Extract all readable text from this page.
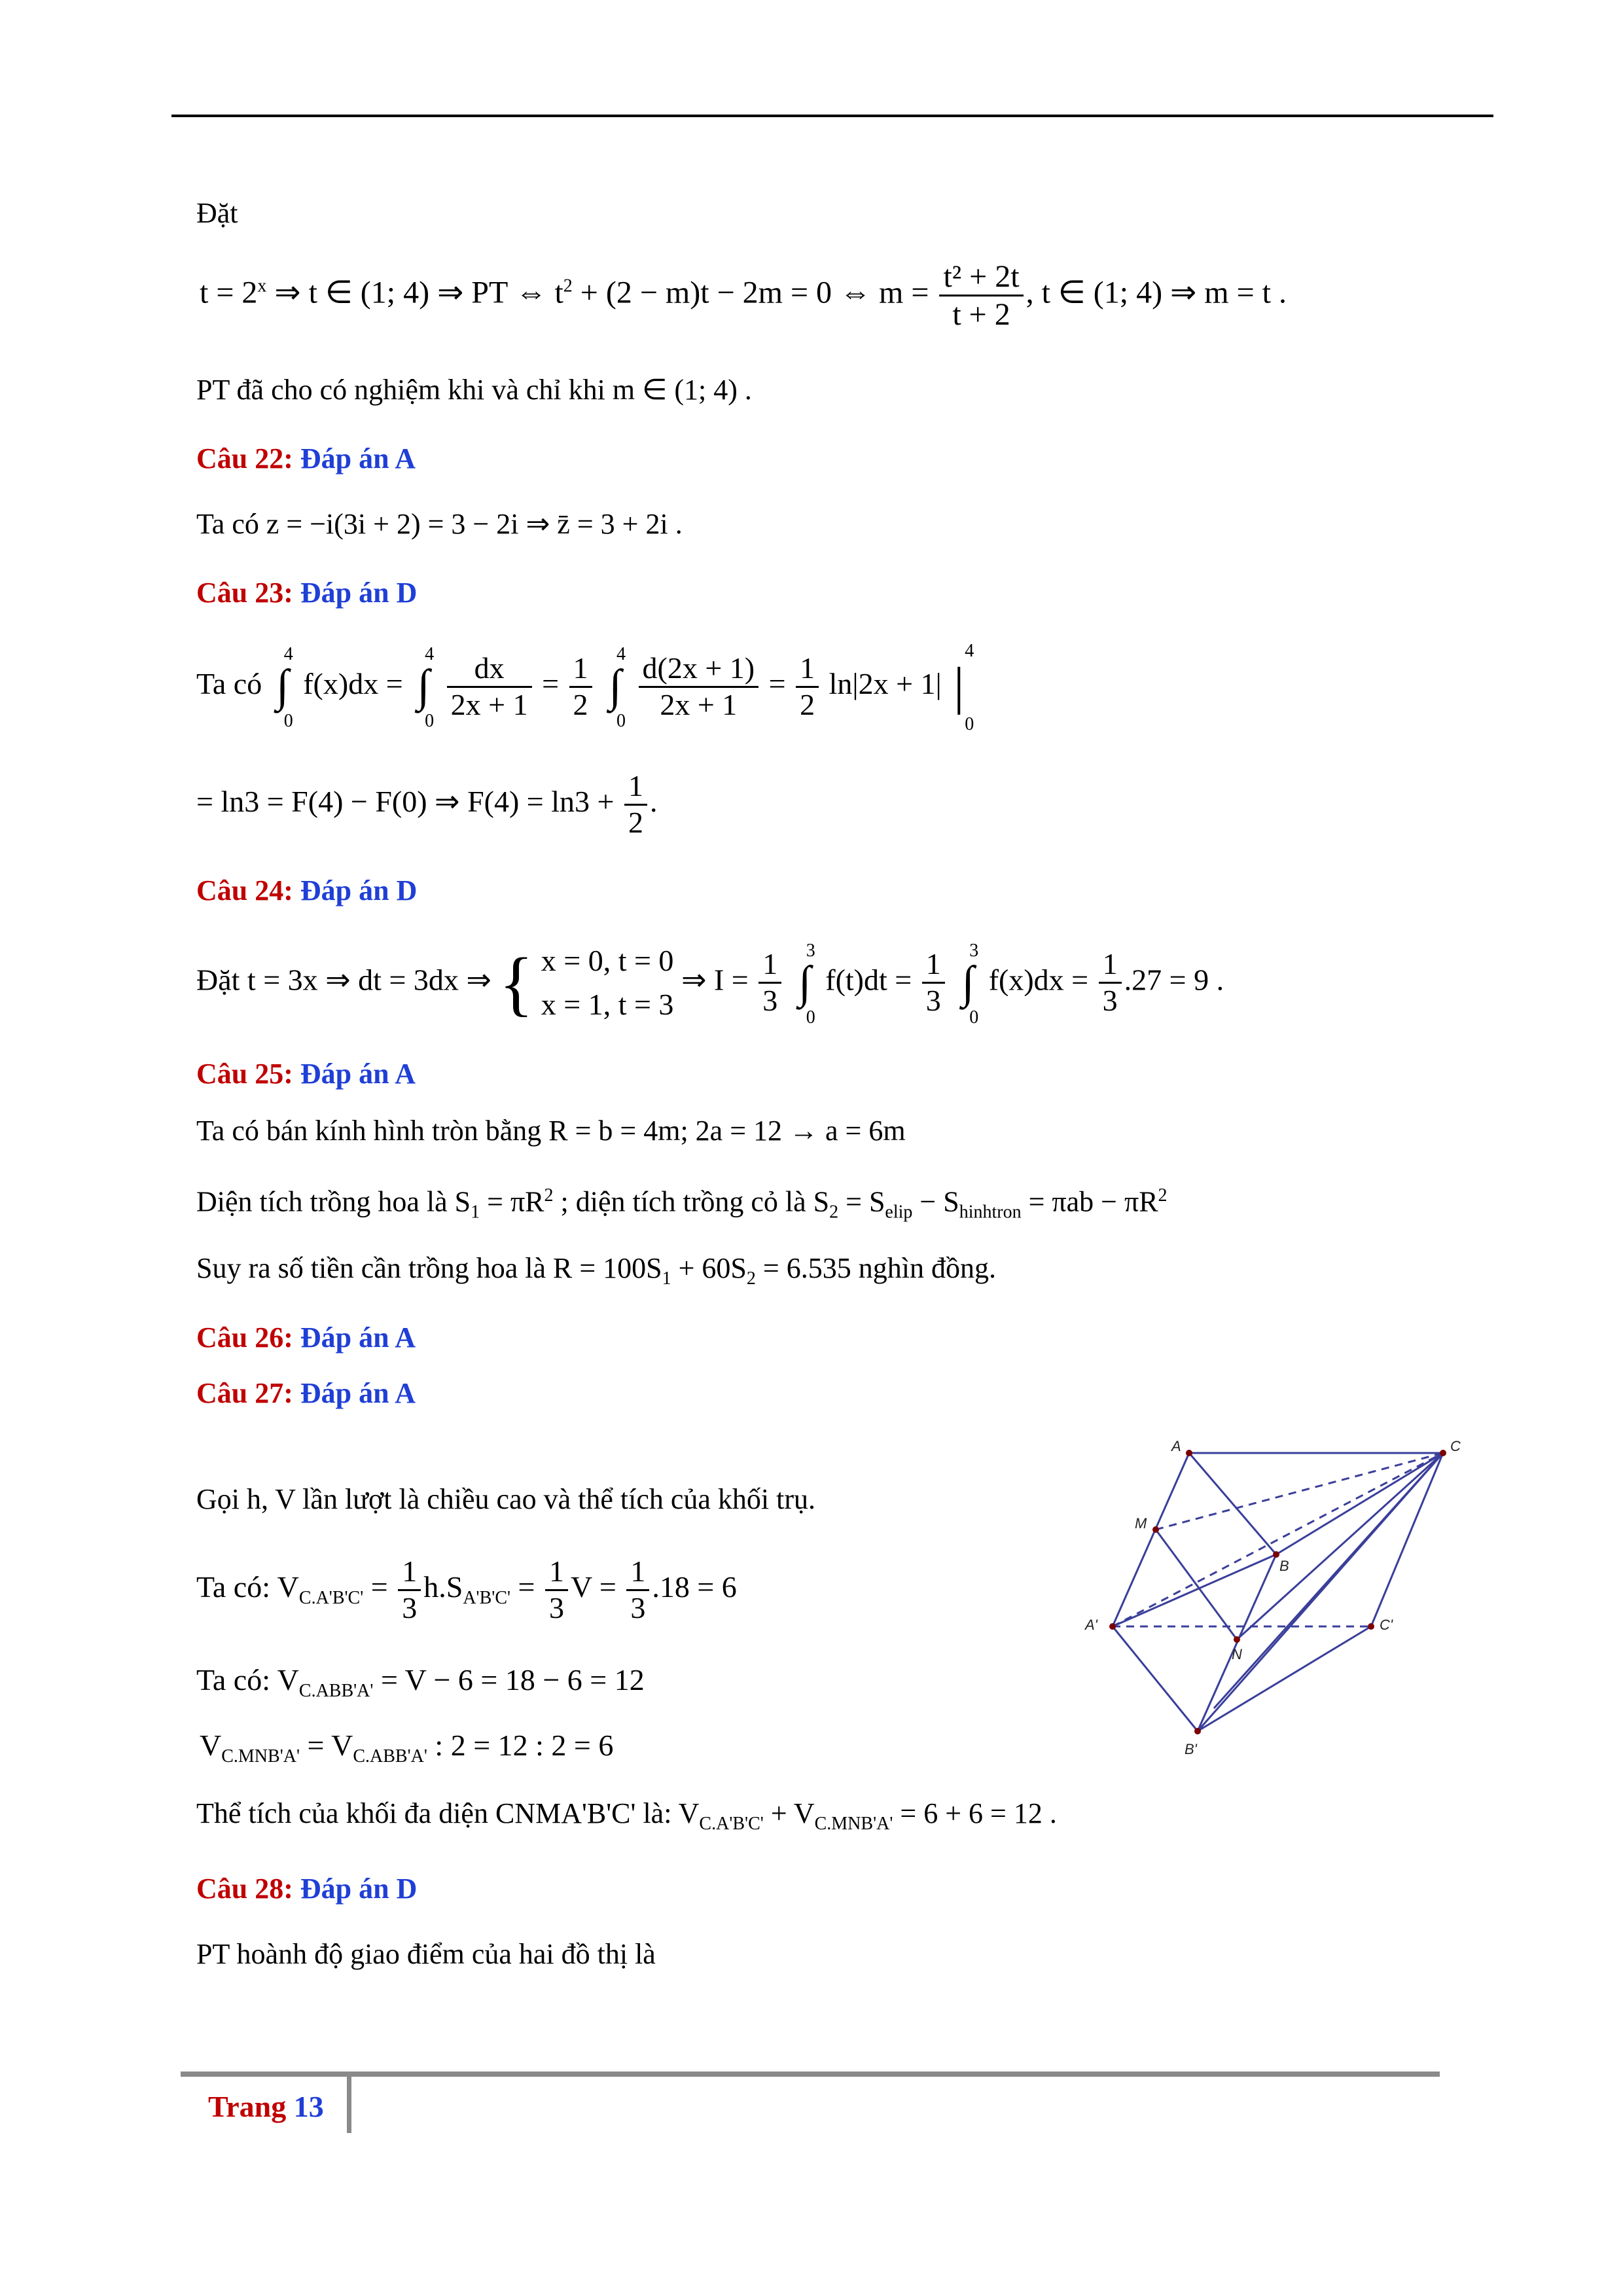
Đặt
$t = 2^x$ ⇒ t ∈ (1; 4) ⇒ PT ⇔ $t^2 + (2 - m)t - 2m = 0$ ⇔ $m = \frac{\text{t² + 2t}}{t + 2}$ , t ∈ (1; 4) ⇒ m = t .
PT đã cho có nghiệm khi và chỉ khi m ∈ (1; 4) .
Câu 22: Đáp án A
Ta có z = −i(3i + 2) = 3 − 2i ⇒ z̄ = 3 + 2i .
Câu 23: Đáp án D
Ta có ∫
4
0
f(x)dx = ∫
4
0
$\frac{dx}{2x + 1} = \frac{1}{2}$ ∫
4
0
$\frac{d(2x + 1)}{2x + 1} = \frac{1}{2} \ln|2x + 1|$ |
4
0
= ln3 = F(4) − F(0) ⇒ $F(4) = \ln 3 + \frac{1}{2}$ .
Câu 24: Đáp án D
Đặt t = 3x ⇒ dt = 3dx ⇒ { x = 0, t = 0
x = 1, t = 3
⇒ $I = \frac{1}{3}$ ∫
3
0
$f(t)dt = \frac{1}{3}$ ∫
3
0
$f(x)dx = \frac{1}{3} .27 = 9$ .
Câu 25: Đáp án A
Ta có bán kính hình tròn bằng R = b = 4m; 2a = 12 → a = 6m
Diện tích trồng hoa là $S_1 = \pi R^2$ ; diện tích trồng cỏ là $S_2 = S_{elip} - S_{hinhtron} = \pi ab - \pi R^2$
Suy ra số tiền cần trồng hoa là $R = 100S_1 + 60S_2 = 6.535$ nghìn đồng.
Câu 26: Đáp án A
Câu 27: Đáp án A
Gọi h, V lần lượt là chiều cao và thể tích của khối trụ.
Ta có: $V_{C.A'B'C'} = \frac{1}{3} h.S_{A'B'C'} = \frac{1}{3}$ $V = \frac{1}{3} .18 = 6$
Ta có: $V_{C.ABB'A'} = V - 6 = 18 - 6 = 12$
$V_{C.MNB'A'} = V_{C.ABB'A'}$ : 2 = 12 : 2 = 6
Thể tích của khối đa diện CNMA'B'C' là: $V_{C.A'B'C'} + V_{C.MNB'A'} = 6 + 6 = 12$ .
Câu 28: Đáp án D
PT hoành độ giao điểm của hai đồ thị là
A	C
M
B
A'
N
C'
B'
Trang 13
